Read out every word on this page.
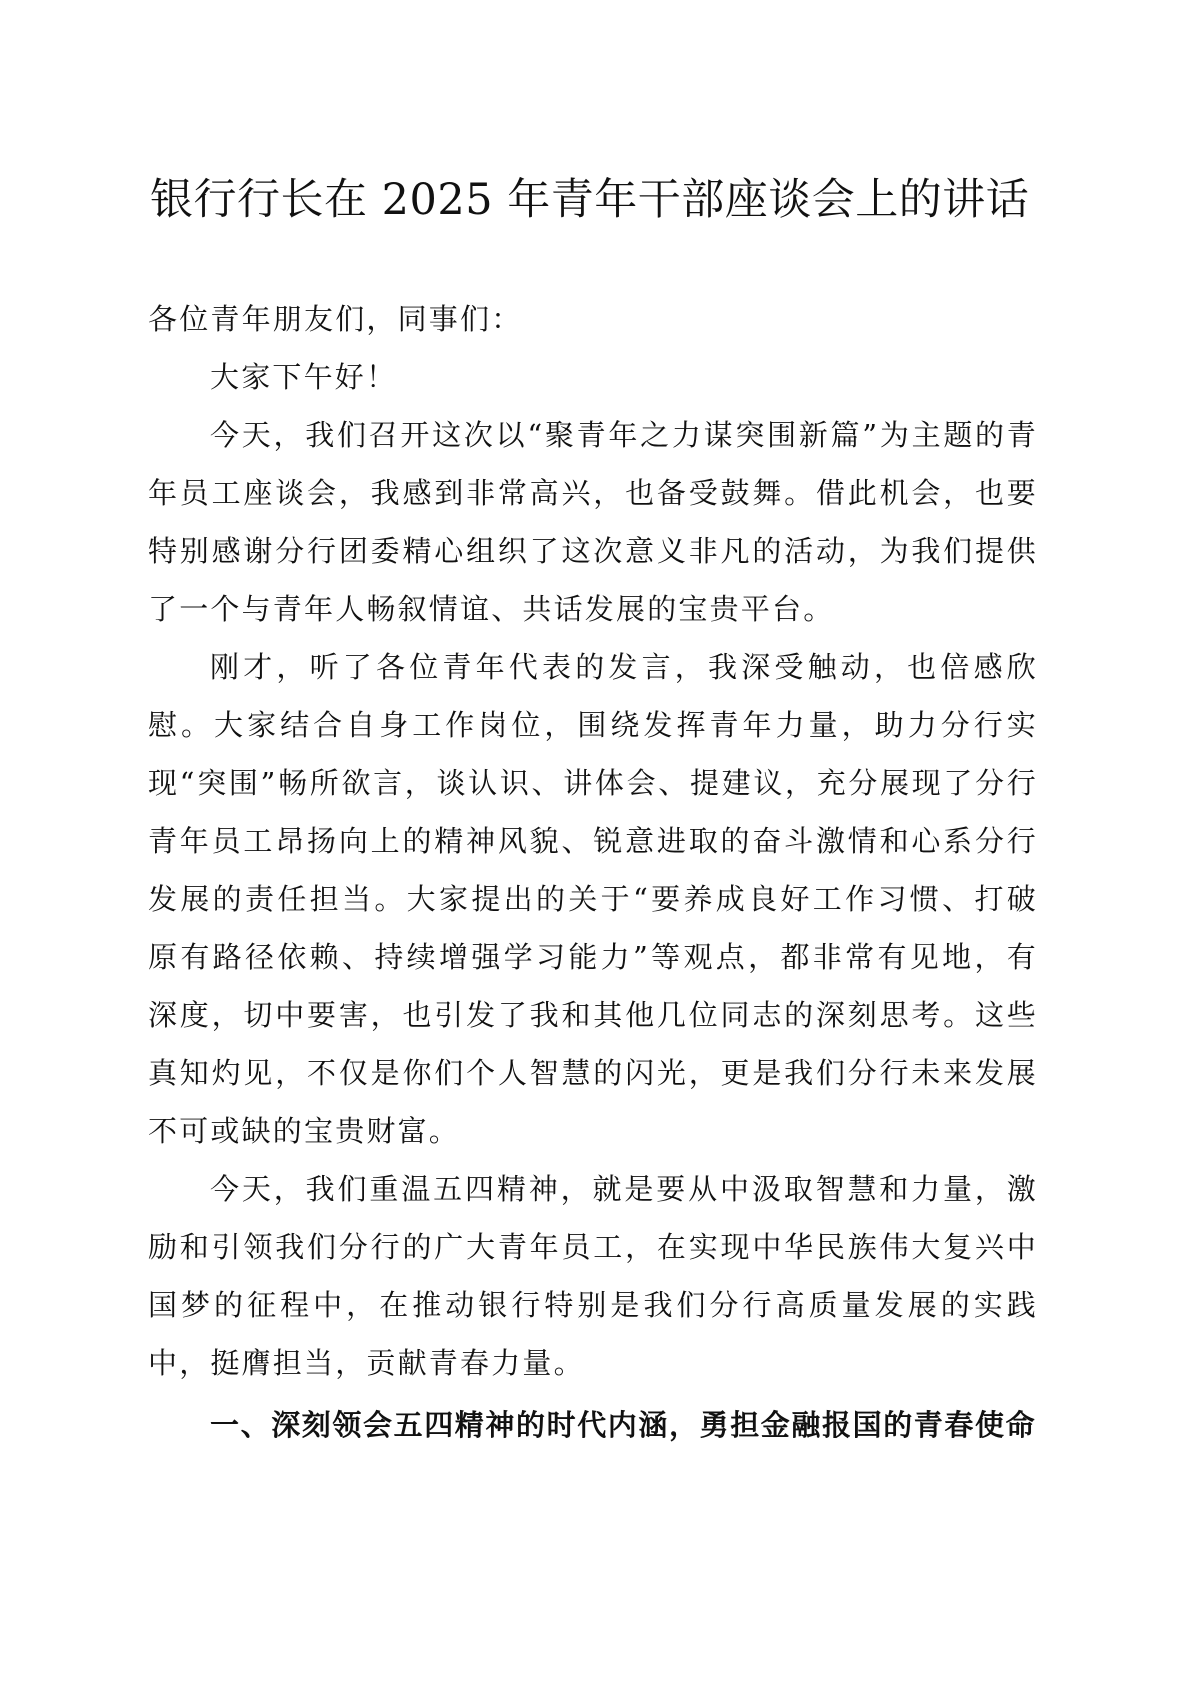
银行行长在 2025 年青年干部座谈会上的讲话

各位青年朋友们，同事们：

大家下午好！

今天，我们召开这次以“聚青年之力谋突围新篇”为主题的青年员工座谈会，我感到非常高兴，也备受鼓舞。借此机会，也要特别感谢分行团委精心组织了这次意义非凡的活动，为我们提供了一个与青年人畅叙情谊、共话发展的宝贵平台。

刚才，听了各位青年代表的发言，我深受触动，也倍感欣慰。大家结合自身工作岗位，围绕发挥青年力量，助力分行实现“突围”畅所欲言，谈认识、讲体会、提建议，充分展现了分行青年员工昂扬向上的精神风貌、锐意进取的奋斗激情和心系分行发展的责任担当。大家提出的关于“要养成良好工作习惯、打破原有路径依赖、持续增强学习能力”等观点，都非常有见地，有深度，切中要害，也引发了我和其他几位同志的深刻思考。这些真知灼见，不仅是你们个人智慧的闪光，更是我们分行未来发展不可或缺的宝贵财富。

今天，我们重温五四精神，就是要从中汲取智慧和力量，激励和引领我们分行的广大青年员工，在实现中华民族伟大复兴中国梦的征程中，在推动银行特别是我们分行高质量发展的实践中，挺膺担当，贡献青春力量。

一、深刻领会五四精神的时代内涵，勇担金融报国的青春使命
